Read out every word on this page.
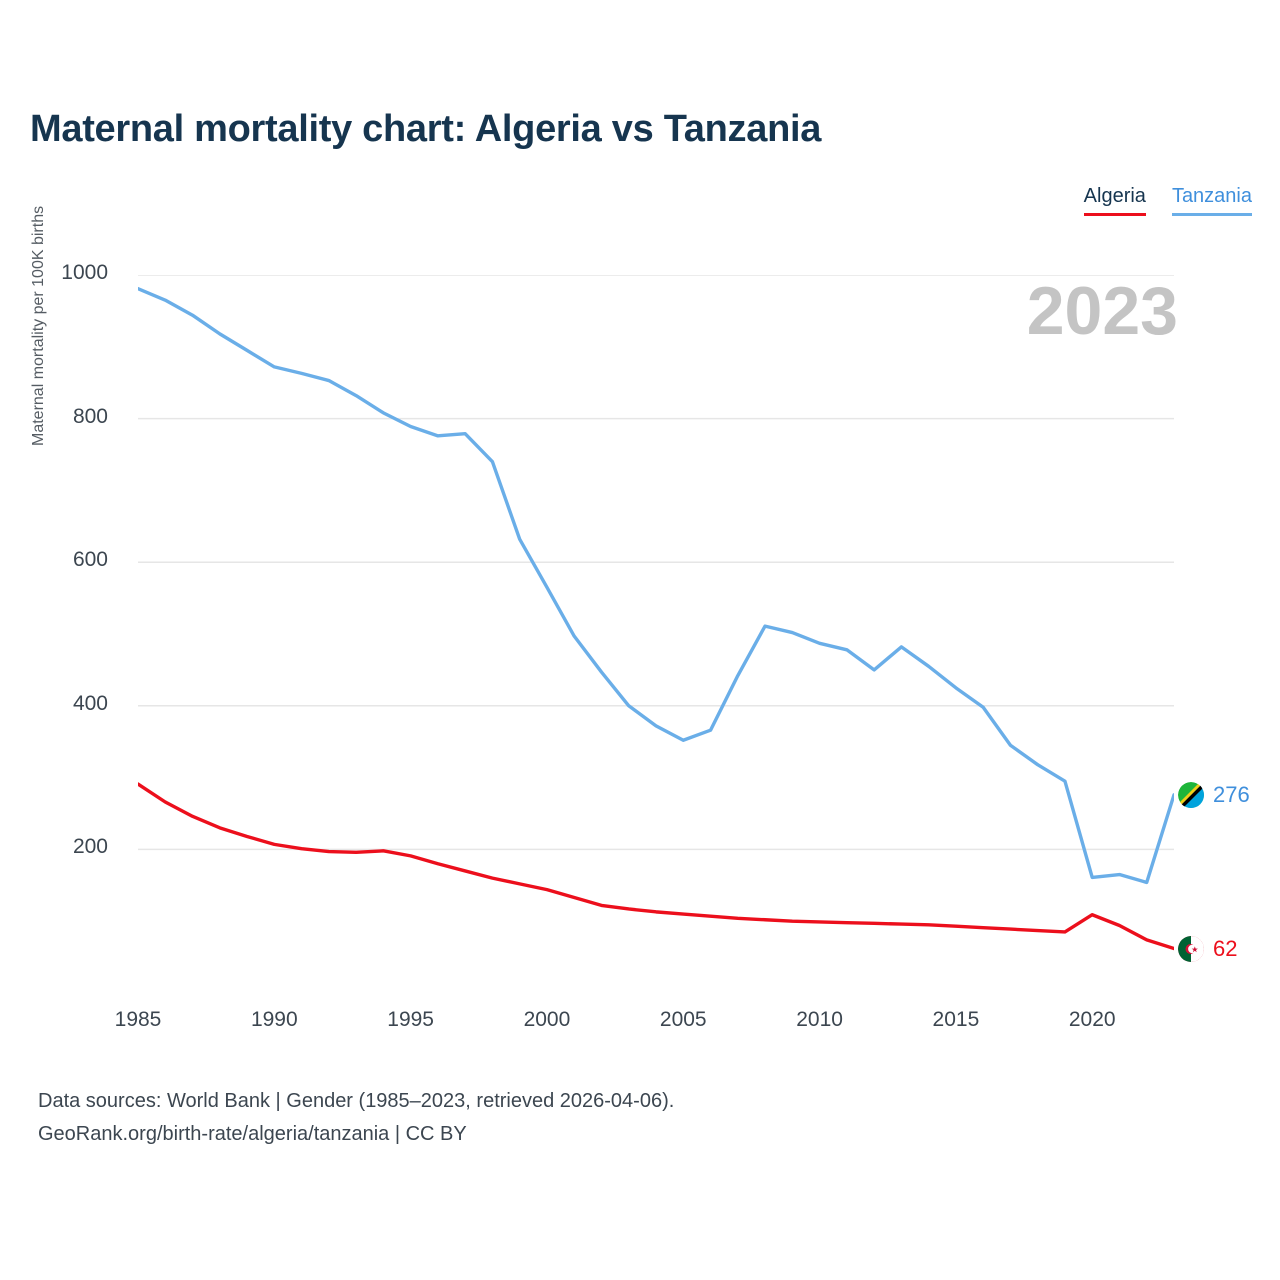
Maternal mortality chart: Algeria vs Tanzania
Algeria Tanzania
2023
Maternal mortality per 100K births
200
400
600
800
1000
1985	1990	1995	2000	2005	2010	2015	2020
276
62
Data sources: World Bank | Gender (1985–2023, retrieved 2026-04-06).
GeoRank.org/birth-rate/algeria/tanzania | CC BY
